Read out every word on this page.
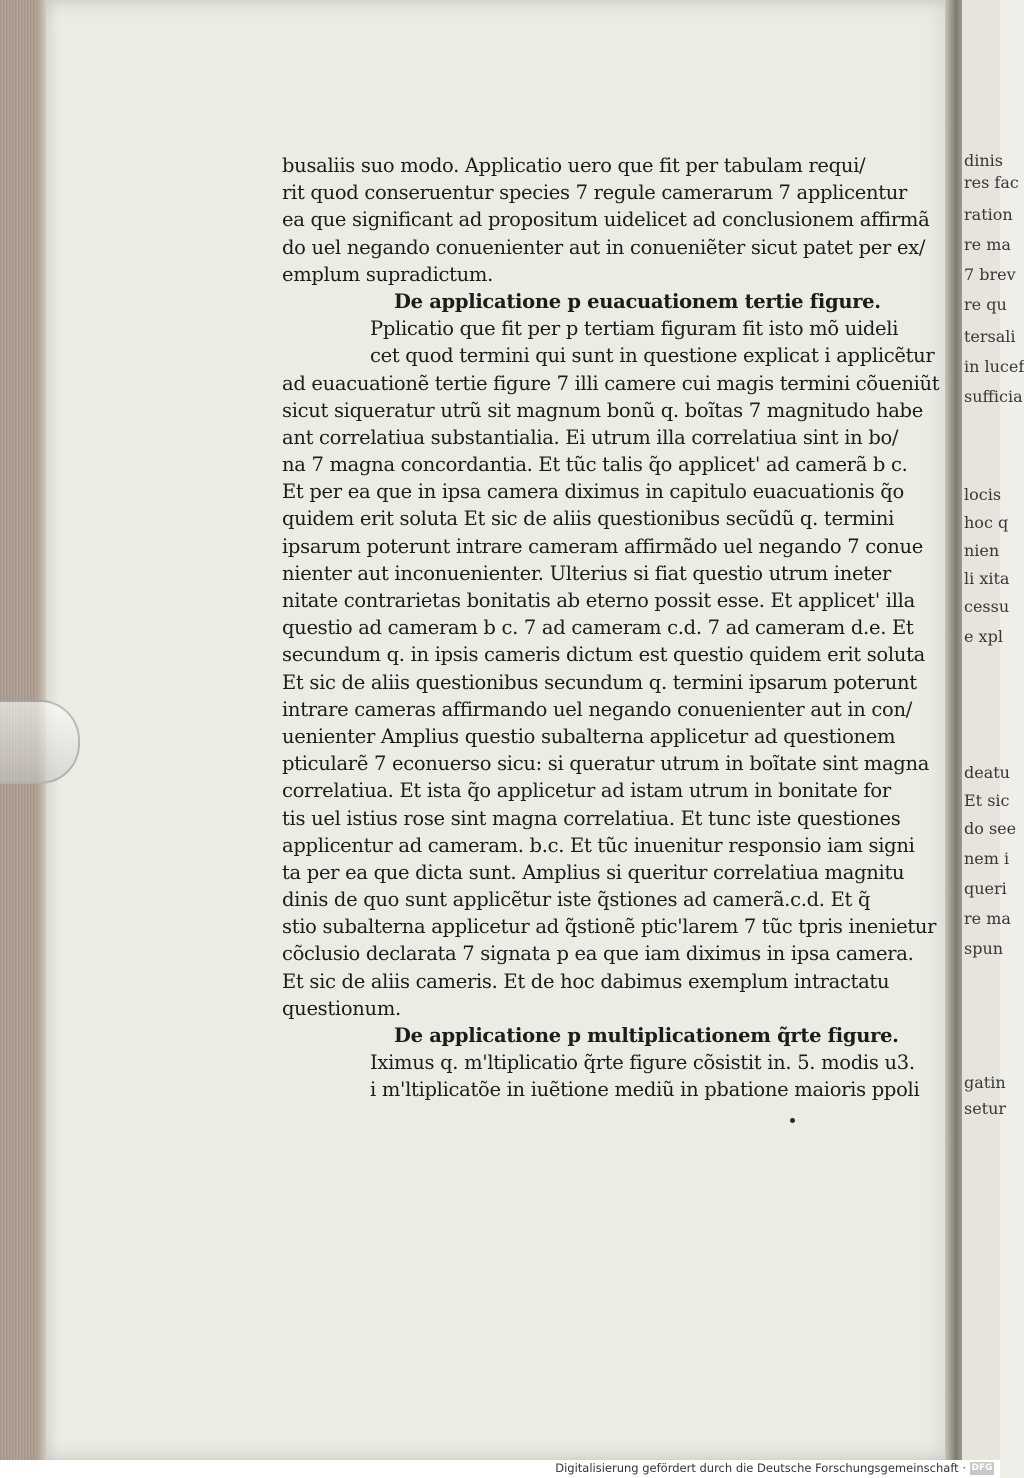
dinis
res fac
ration
re ma
7 brev
re qu
tersali
in lucef
sufficia
locis
hoc q
nien
li xita
cessu
e xpl
deatu
Et sic
do see
nem i
queri
re ma
spun
gatin
setur
busaliis suo modo. Applicatio uero que fit per tabulam requi/
rit quod conseruentur species 7 regule camerarum 7 applicentur
ea que significant ad propositum uidelicet ad conclusionem affirmã
do uel negando conuenienter aut in conueniẽter sicut patet per ex/
emplum supradictum.
De applicatione p euacuationem tertie figure.
Pplicatio que fit per p tertiam figuram fit isto mõ uideli
cet quod termini qui sunt in questione explicat i applicẽtur
ad euacuationẽ tertie figure 7 illi camere cui magis termini cõueniũt
sicut siqueratur utrũ sit magnum bonũ q. boĩtas 7 magnitudo habe
ant correlatiua substantialia. Ei utrum illa correlatiua sint in bo/
na 7 magna concordantia. Et tũc talis q̃o applicet' ad camerã b c.
Et per ea que in ipsa camera diximus in capitulo euacuationis q̃o
quidem erit soluta Et sic de aliis questionibus secũdũ q. termini
ipsarum poterunt intrare cameram affirmãdo uel negando 7 conue
nienter aut inconuenienter. Ulterius si fiat questio utrum ineter
nitate contrarietas bonitatis ab eterno possit esse. Et applicet' illa
questio ad cameram b c. 7 ad cameram c.d. 7 ad cameram d.e. Et
secundum q. in ipsis cameris dictum est questio quidem erit soluta
Et sic de aliis questionibus secundum q. termini ipsarum poterunt
intrare cameras affirmando uel negando conuenienter aut in con/
uenienter Amplius questio subalterna applicetur ad questionem
pticularẽ 7 econuerso sicu: si queratur utrum in boĩtate sint magna
correlatiua. Et ista q̃o applicetur ad istam utrum in bonitate for
tis uel istius rose sint magna correlatiua. Et tunc iste questiones
applicentur ad cameram. b.c. Et tũc inuenitur responsio iam signi
ta per ea que dicta sunt. Amplius si queritur correlatiua magnitu
dinis de quo sunt applicẽtur iste q̃stiones ad camerã.c.d. Et q̃
stio subalterna applicetur ad q̃stionẽ ptic'larem 7 tũc tpris inenietur
cõclusio declarata 7 signata p ea que iam diximus in ipsa camera.
Et sic de aliis cameris. Et de hoc dabimus exemplum intractatu
questionum.
De applicatione p multiplicationem q̃rte figure.
Iximus q. m'ltiplicatio q̃rte figure cõsistit in. 5. modis u3.
i m'ltiplicatõe in iuẽtione mediũ in pbatione maioris ppoli
Digitalisierung gefördert durch die Deutsche Forschungsgemeinschaft · DFG
